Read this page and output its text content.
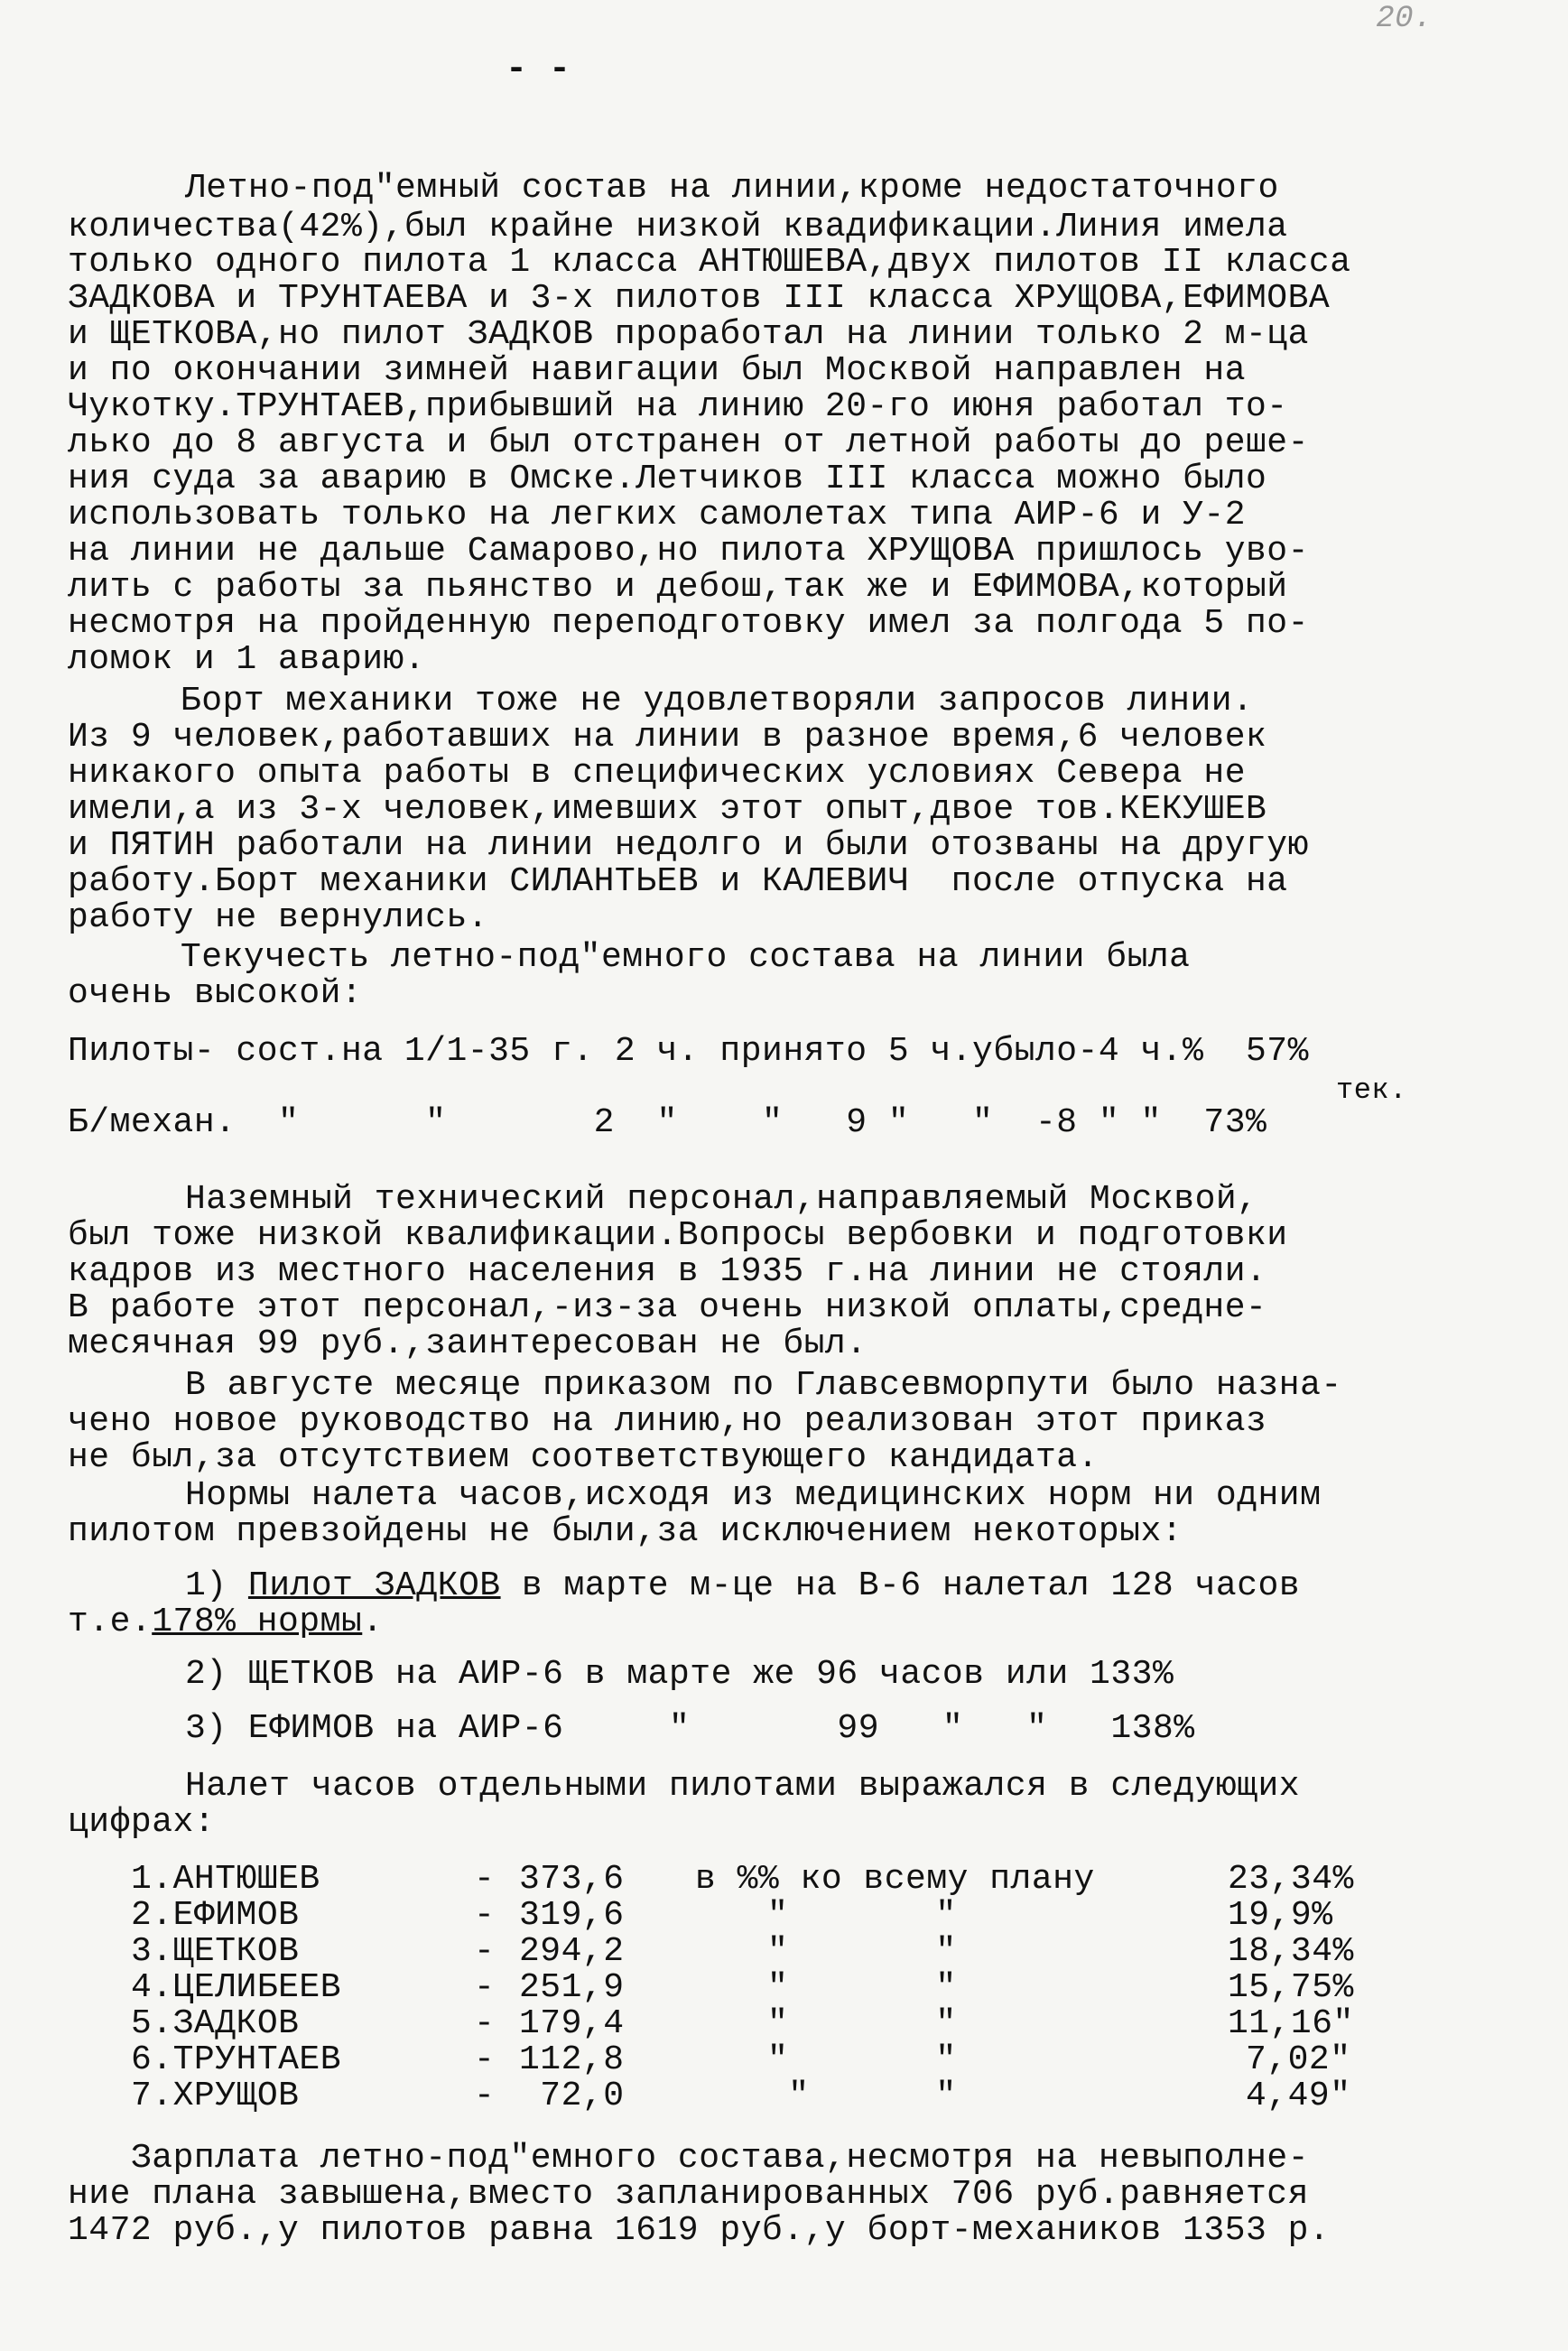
20.
- -
Летно-под"емный состав на линии,кроме недостаточного
количества(42%),был крайне низкой квадификации.Линия имела
только одного пилота 1 класса АНТЮШЕВА,двух пилотов II класса
ЗАДКОВА и ТРУНТАЕВА и 3-х пилотов III класса ХРУЩОВА,ЕФИМОВА
и ЩЕТКОВА,но пилот ЗАДКОВ проработал на линии только 2 м-ца
и по окончании зимней навигации был Москвой направлен на
Чукотку.ТРУНТАЕВ,прибывший на линию 20-го июня работал то-
лько до 8 августа и был отстранен от летной работы до реше-
ния суда за аварию в Омске.Летчиков III класса можно было
использовать только на легких самолетах типа АИР-6 и У-2
на линии не дальше Самарово,но пилота ХРУЩОВА пришлось уво-
лить с работы за пьянство и дебош,так же и ЕФИМОВА,который
несмотря на пройденную переподготовку имел за полгода 5 по-
ломок и 1 аварию.
Борт механики тоже не удовлетворяли запросов линии.
Из 9 человек,работавших на линии в разное время,6 человек
никакого опыта работы в специфических условиях Севера не
имели,а из 3-х человек,имевших этот опыт,двое тов.КЕКУШЕВ
и ПЯТИН работали на линии недолго и были отозваны на другую
работу.Борт механики СИЛАНТЬЕВ и КАЛЕВИЧ  после отпуска на
работу не вернулись.
Текучесть летно-под"емного состава на линии была
очень высокой:
Пилоты- сост.на 1/1-35 г. 2 ч. принято 5 ч.убыло-4 ч.%  57%
тек.
Б/механ.  "      "       2  "    "   9 "   "  -8 " "  73%
Наземный технический персонал,направляемый Москвой,
был тоже низкой квалификации.Вопросы вербовки и подготовки
кадров из местного населения в 1935 г.на линии не стояли.
В работе этот персонал,-из-за очень низкой оплаты,средне-
месячная 99 руб.,заинтересован не был.
В августе месяце приказом по Главсевморпути было назна-
чено новое руководство на линию,но реализован этот приказ
не был,за отсутствием соответствующего кандидата.
Нормы налета часов,исходя из медицинских норм ни одним
пилотом превзойдены не были,за исключением некоторых:
1) Пилот ЗАДКОВ в марте м-це на В-6 налетал 128 часов
т.е.178% нормы.
2) ЩЕТКОВ на АИР-6 в марте же 96 часов или 133%
3) ЕФИМОВ на АИР-6     "       99   "   "   138%
Налет часов отдельными пилотами выражался в следующих
цифрах:
1.АНТЮШЕВ	- 373,6 в %% ко всему плану	23,34%
2.ЕФИМОВ	- 319,6	"       "	19,9%
3.ЩЕТКОВ	- 294,2	"       "	18,34%
4.ЦЕЛИБЕЕВ	- 251,9	"       "	15,75%
5.ЗАДКОВ	- 179,4	"       "	11,16"
6.ТРУНТАЕВ	- 112,8	"       "	7,02"
7.ХРУЩОВ	- 72,0	"      "	4,49"
Зарплата летно-под"емного состава,несмотря на невыполне-
ние плана завышена,вместо запланированных 706 руб.равняется
1472 руб.,у пилотов равна 1619 руб.,у борт-механиков 1353 р.
